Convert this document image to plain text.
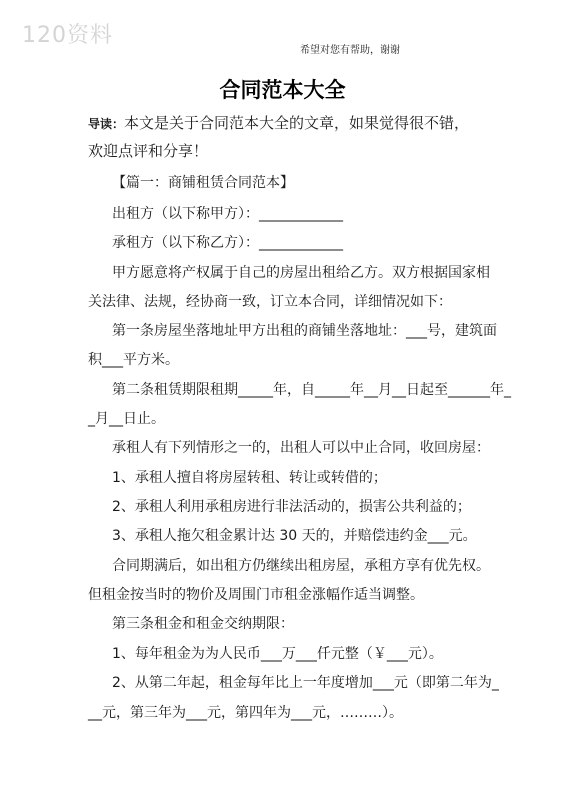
120资料
希望对您有帮助，谢谢
合同范本大全
导读：本文是关于合同范本大全的文章，如果觉得很不错，
欢迎点评和分享！
【篇一：商铺租赁合同范本】
出租方（以下称甲方）：____________
承租方（以下称乙方）：____________
甲方愿意将产权属于自己的房屋出租给乙方。双方根据国家相
关法律、法规，经协商一致，订立本合同，详细情况如下：
第一条房屋坐落地址甲方出租的商铺坐落地址：___号，建筑面
积___平方米。
第二条租赁期限租期_____年，自_____年__月__日起至______年_
_月__日止。
承租人有下列情形之一的，出租人可以中止合同，收回房屋：
1、承租人擅自将房屋转租、转让或转借的；
2、承租人利用承租房进行非法活动的，损害公共利益的；
3、承租人拖欠租金累计达 30 天的，并赔偿违约金___元。
合同期满后，如出租方仍继续出租房屋，承租方享有优先权。
但租金按当时的物价及周围门市租金涨幅作适当调整。
第三条租金和租金交纳期限：
1、每年租金为为人民币___万___仟元整（￥___元）。
2、从第二年起，租金每年比上一年度增加___元（即第二年为_
__元，第三年为___元，第四年为___元，………）。
